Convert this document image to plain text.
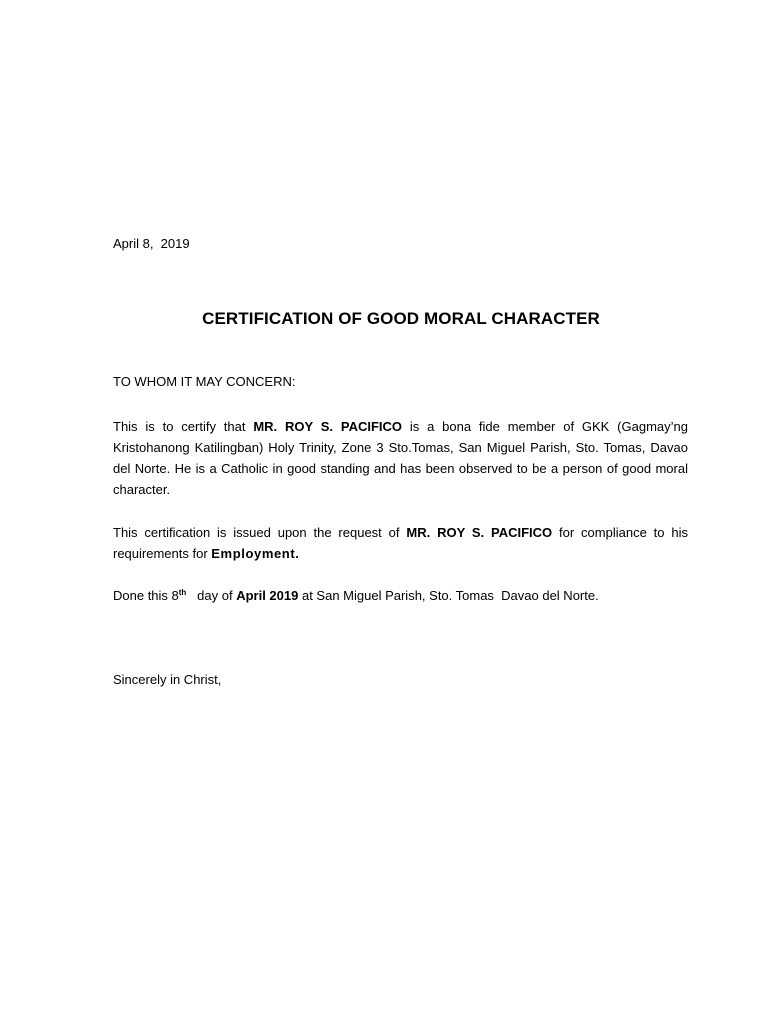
April 8,  2019
CERTIFICATION OF GOOD MORAL CHARACTER
TO WHOM IT MAY CONCERN:
This is to certify that MR. ROY S. PACIFICO is a bona fide member of GKK (Gagmay’ng Kristohanong Katilingban) Holy Trinity, Zone 3 Sto.Tomas, San Miguel Parish, Sto. Tomas, Davao del Norte. He is a Catholic in good standing and has been observed to be a person of good moral character.
This certification is issued upon the request of MR. ROY S. PACIFICO for compliance to his requirements for Employment.
Done this 8th   day of April 2019 at San Miguel Parish, Sto. Tomas  Davao del Norte.
Sincerely in Christ,
